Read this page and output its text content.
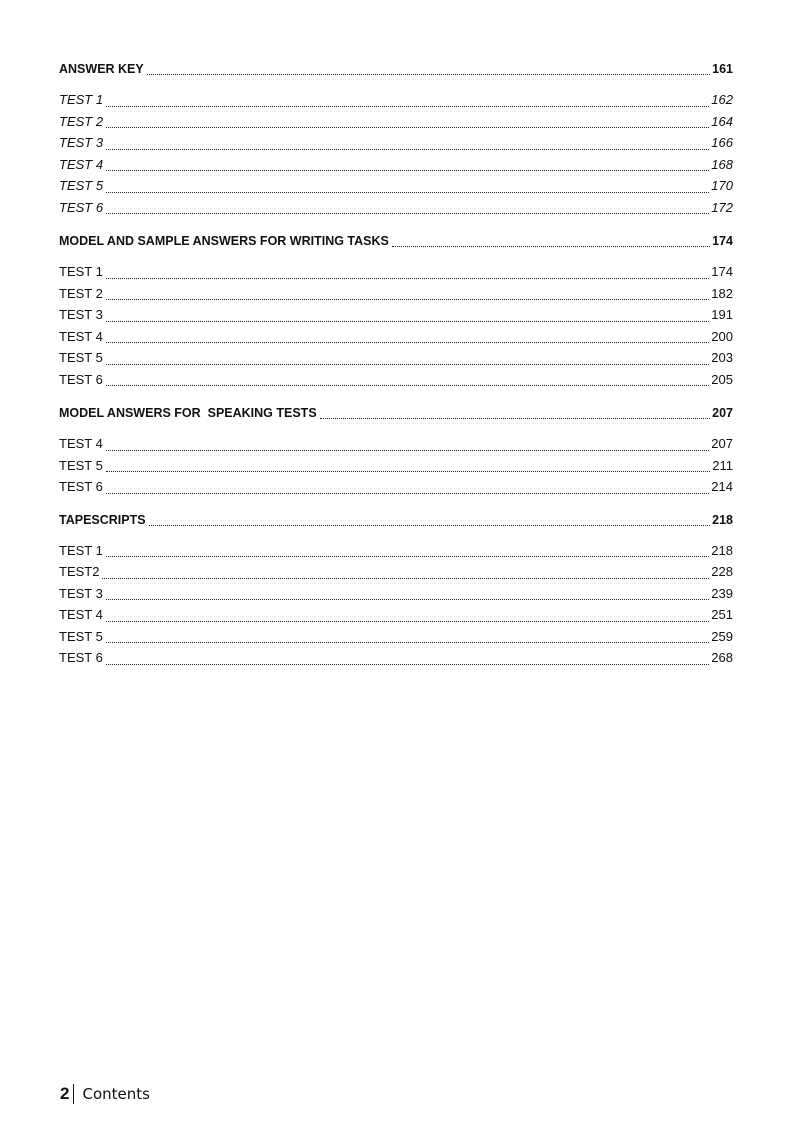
ANSWER KEY	161
TEST 1	162
TEST 2	164
TEST 3	166
TEST 4	168
TEST 5	170
TEST 6	172
MODEL AND SAMPLE ANSWERS FOR WRITING TASKS	174
TEST 1	174
TEST 2	182
TEST 3	191
TEST 4	200
TEST 5	203
TEST 6	205
MODEL ANSWERS FOR  SPEAKING TESTS	207
TEST 4	207
TEST 5	211
TEST 6	214
TAPESCRIPTS	218
TEST 1	218
TEST2	228
TEST 3	239
TEST 4	251
TEST 5	259
TEST 6	268
2 Contents
